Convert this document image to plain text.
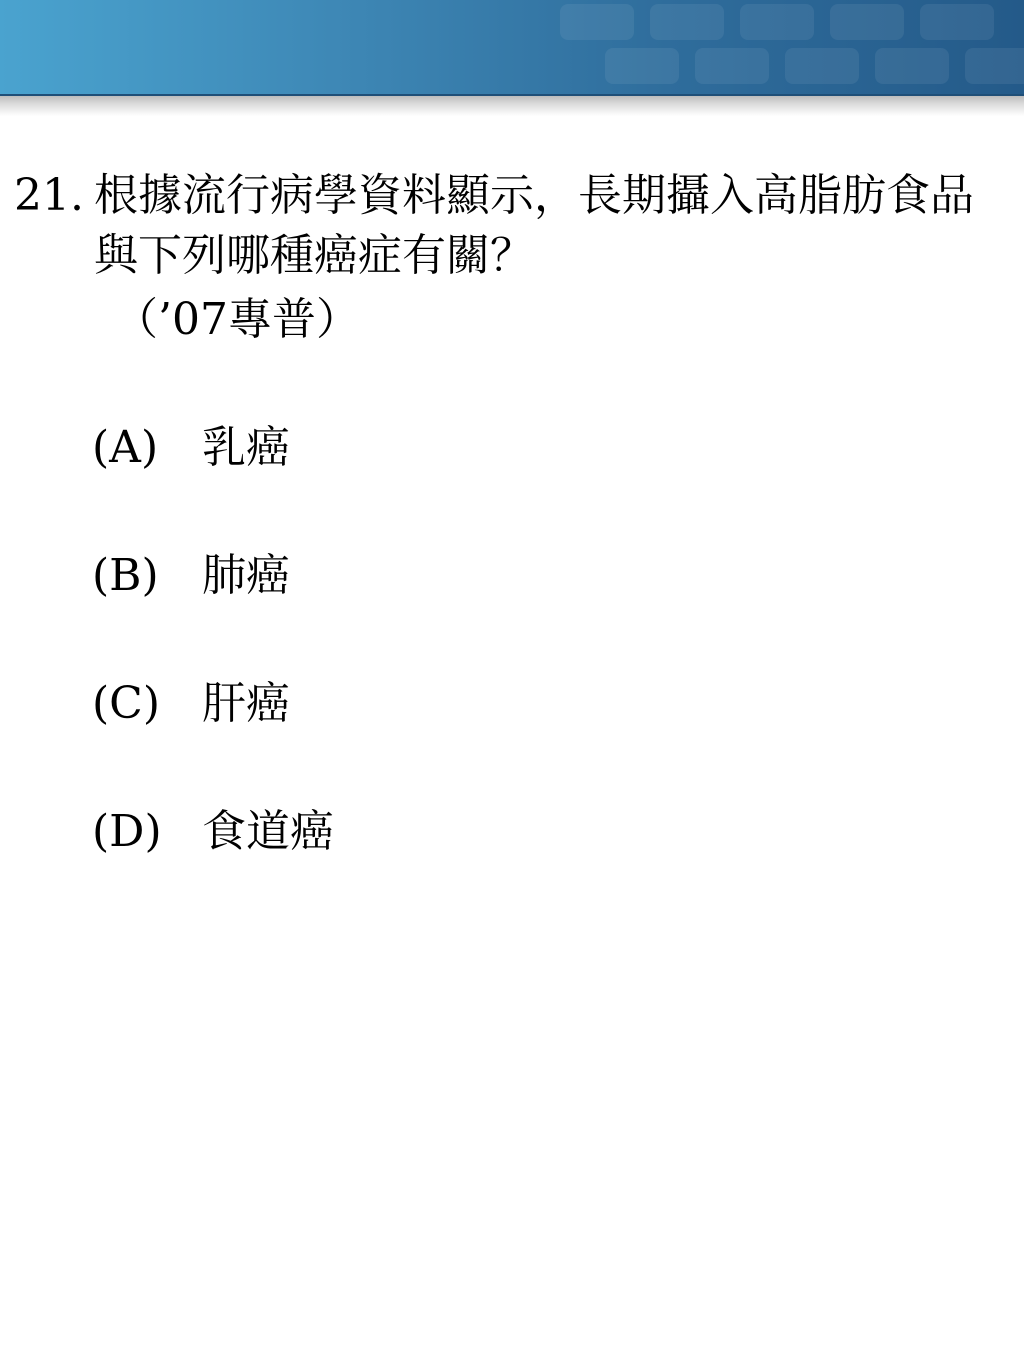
21. 根據流行病學資料顯示，長期攝入高脂肪食品與下列哪種癌症有關？
（’07專普）
(A) 乳癌
(B) 肺癌
(C) 肝癌
(D) 食道癌
